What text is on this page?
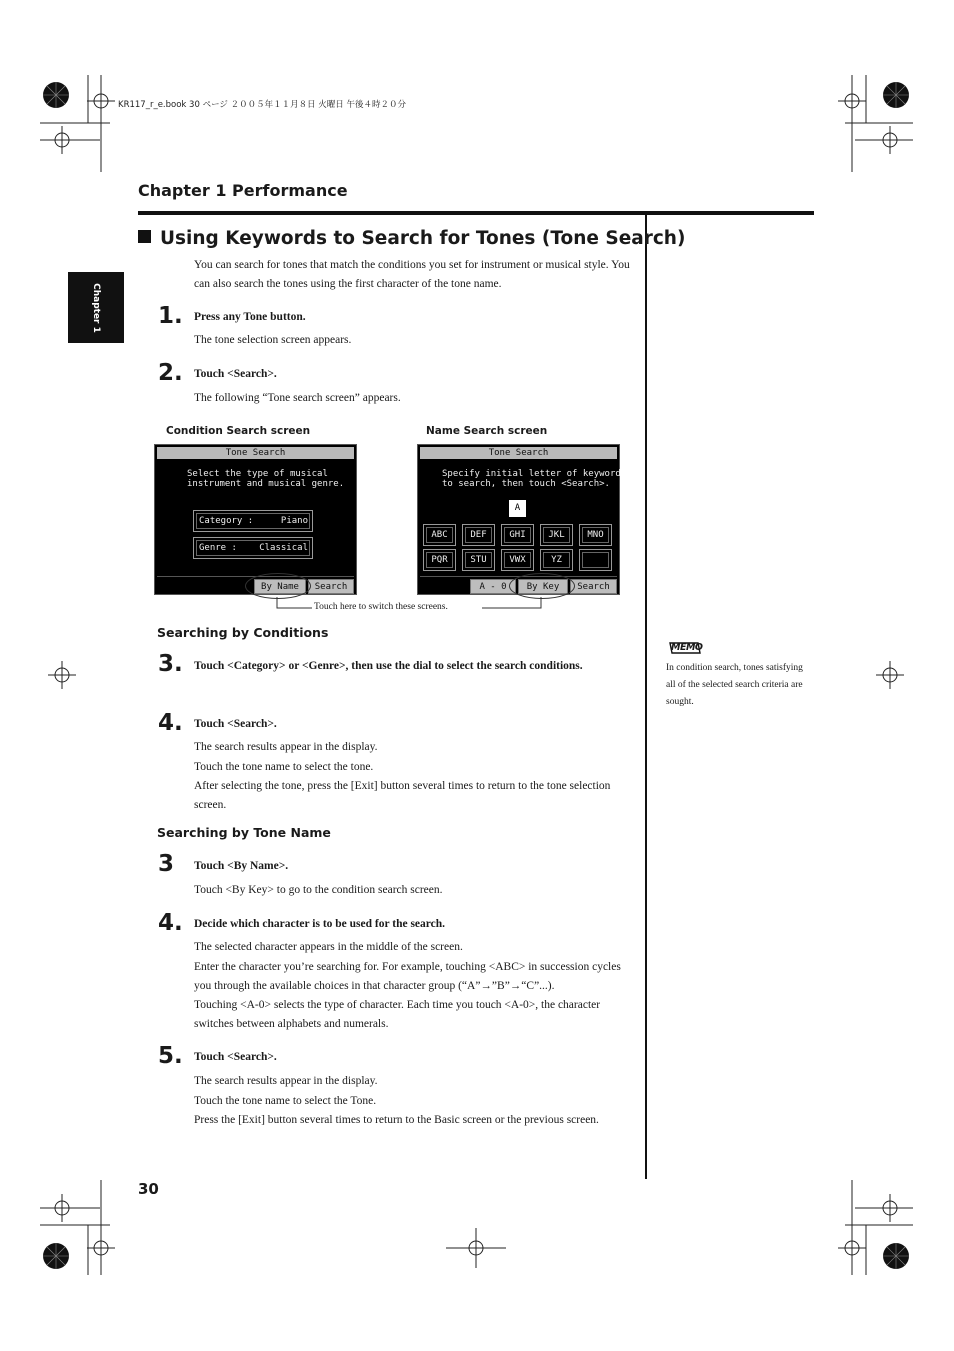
KR117_r_e.book 30 ページ ２００５年１１月８日 火曜日 午後４時２０分
Chapter 1 Performance
Chapter 1
Using Keywords to Search for Tones (Tone Search)
You can search for tones that match the conditions you set for instrument or musical style. You can also search the tones using the first character of the tone name.
1. Press any Tone button.
The tone selection screen appears.
2. Touch <Search>.
The following “Tone search screen” appears.
Condition Search screen	Name Search screen
Tone Search
Select the type of musical
instrument and musical genre.
Category :	Piano
Genre : Classical
By Name	Search
Tone Search
Specify initial letter of keyword
to search, then touch <Search>.
A
ABC	DEF	GHI	JKL	MNO
PQR	STU	VWX	YZ
A - 0	By Key	Search
Touch here to switch these screens.
Searching by Conditions
3. Touch <Category> or <Genre>, then use the dial to select the search conditions.
4. Touch <Search>.
The search results appear in the display.
Touch the tone name to select the tone.
After selecting the tone, press the [Exit] button several times to return to the tone selection screen.
Searching by Tone Name
3 Touch <By Name>.
Touch <By Key> to go to the condition search screen.
4. Decide which character is to be used for the search.
The selected character appears in the middle of the screen.
Enter the character you’re searching for. For example, touching <ABC> in succession cycles you through the available choices in that character group (“A”→”B”→“C”...).
Touching <A-0> selects the type of character. Each time you touch <A-0>, the character switches between alphabets and numerals.
5. Touch <Search>.
The search results appear in the display.
Touch the tone name to select the Tone.
Press the [Exit] button several times to return to the Basic screen or the previous screen.
MEMO
In condition search, tones satisfying all of the selected search criteria are sought.
30
